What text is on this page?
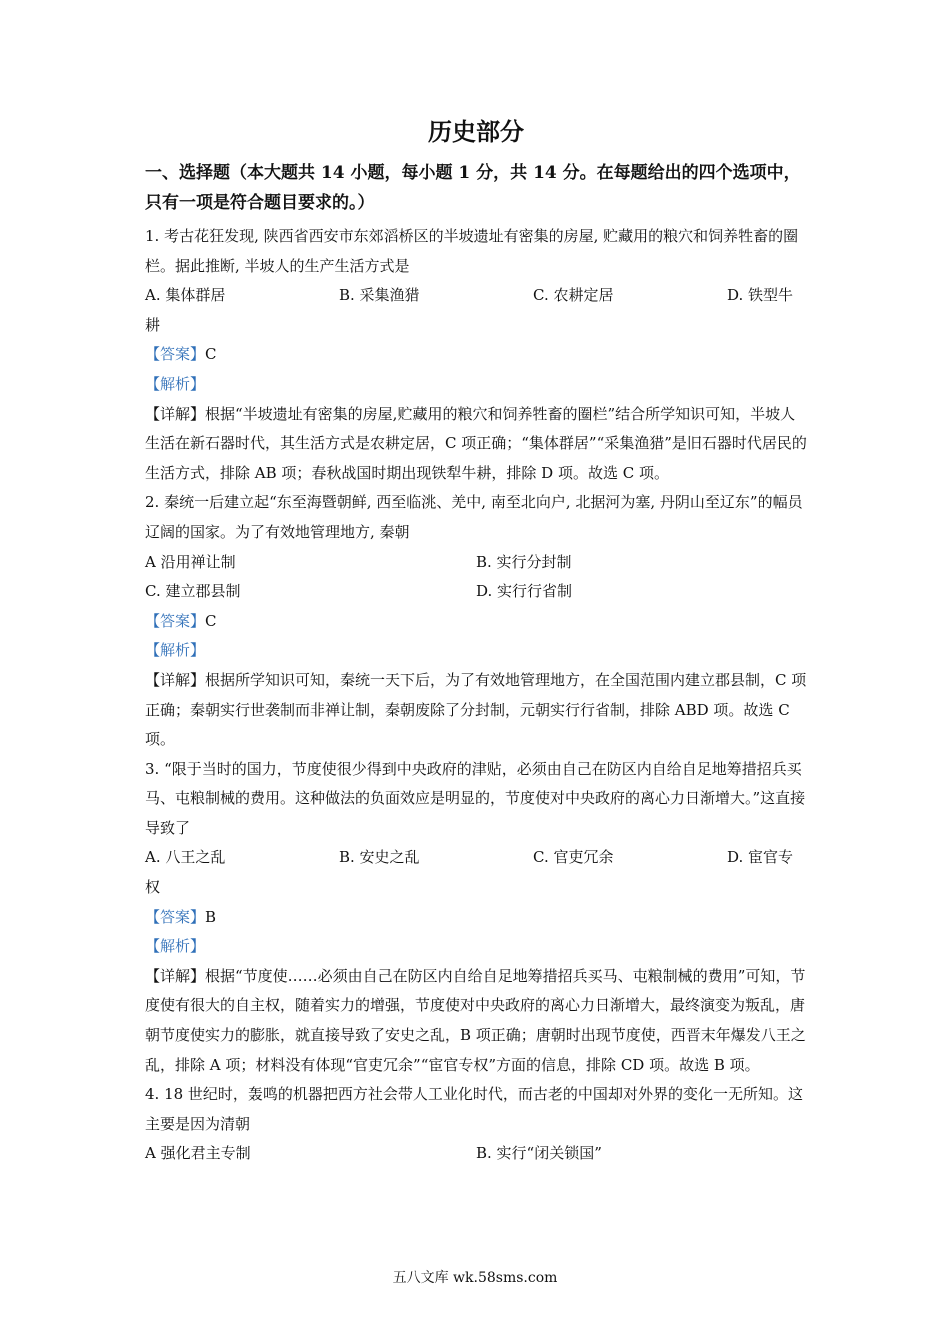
历史部分
一、选择题（本大题共 14 小题，每小题 1 分，共 14 分。在每题给出的四个选项中，只有一项是符合题目要求的。）

1. 考古花狂发现, 陕西省西安市东郊滔桥区的半坡遗址有密集的房屋, 贮藏用的粮穴和饲养牲畜的圈栏。据此推断, 半坡人的生产生活方式是

A. 集体群居	B. 采集渔猎	C. 农耕定居	D. 铁型牛

耕

【答案】C

【解析】

【详解】根据“半坡遗址有密集的房屋,贮藏用的粮穴和饲养牲畜的圈栏”结合所学知识可知，半坡人生活在新石器时代，其生活方式是农耕定居，C 项正确；“集体群居”“采集渔猎”是旧石器时代居民的生活方式，排除 AB 项；春秋战国时期出现铁犁牛耕，排除 D 项。故选 C 项。

2. 秦统一后建立起“东至海暨朝鲜, 西至临洮、羌中, 南至北向户, 北据河为塞, 丹阴山至辽东”的幅员辽阔的国家。为了有效地管理地方, 秦朝

A 沿用禅让制	B. 实行分封制
C. 建立郡县制	D. 实行行省制

【答案】C

【解析】

【详解】根据所学知识可知，秦统一天下后，为了有效地管理地方，在全国范围内建立郡县制，C 项正确；秦朝实行世袭制而非禅让制，秦朝废除了分封制，元朝实行行省制，排除 ABD 项。故选 C 项。

3. “限于当时的国力，节度使很少得到中央政府的津贴，必须由自己在防区内自给自足地筹措招兵买马、屯粮制械的费用。这种做法的负面效应是明显的，节度使对中央政府的离心力日渐增大。”这直接导致了

A. 八王之乱	B. 安史之乱	C. 官吏冗余	D. 宦官专

权

【答案】B

【解析】

【详解】根据“节度使……必须由自己在防区内自给自足地筹措招兵买马、屯粮制械的费用”可知，节度使有很大的自主权，随着实力的增强，节度使对中央政府的离心力日渐增大，最终演变为叛乱，唐朝节度使实力的膨胀，就直接导致了安史之乱，B 项正确；唐朝时出现节度使，西晋末年爆发八王之乱，排除 A 项；材料没有体现“官吏冗余”“宦官专权”方面的信息，排除 CD 项。故选 B 项。

4. 18 世纪时，轰鸣的机器把西方社会带人工业化时代，而古老的中国却对外界的变化一无所知。这主要是因为清朝

A 强化君主专制	B. 实行“闭关锁国”
五八文库 wk.58sms.com
